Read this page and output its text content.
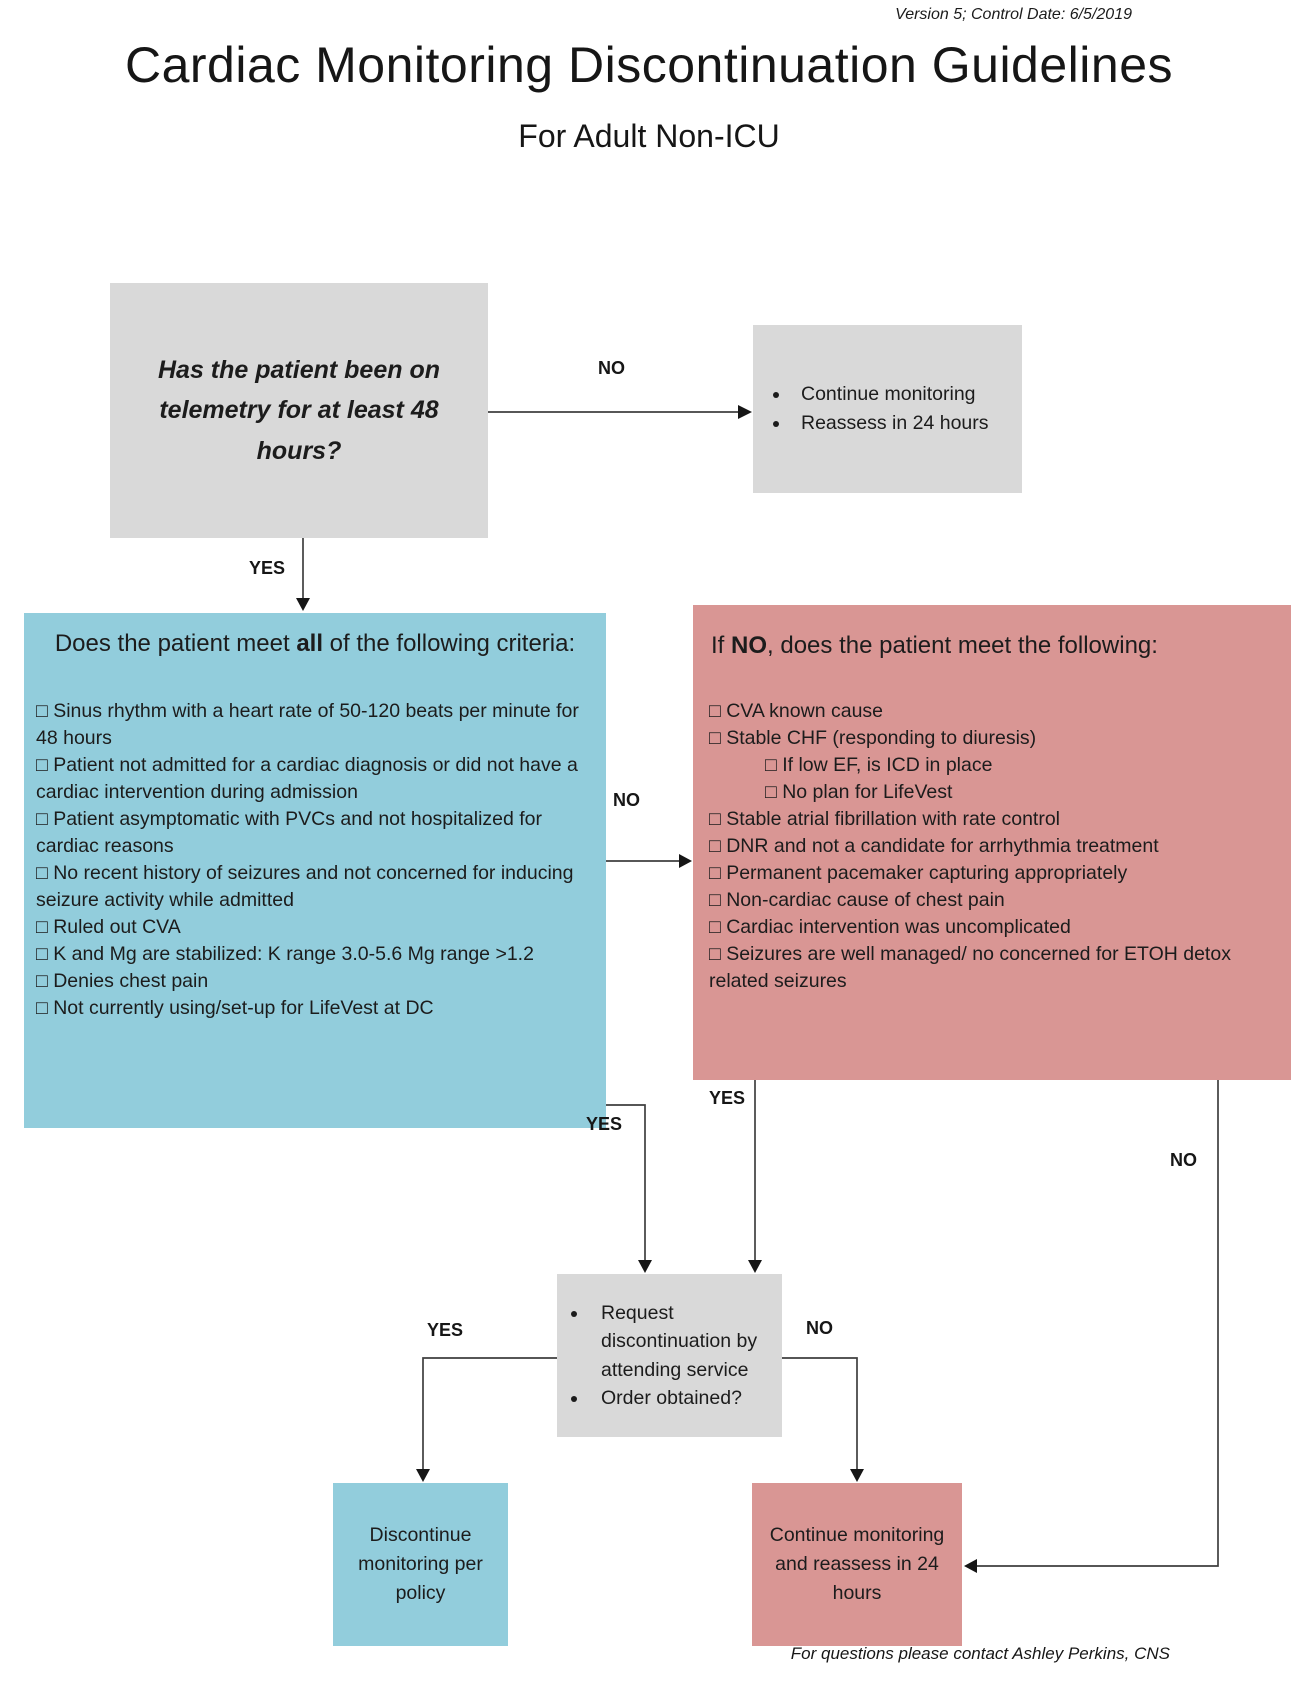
Version 5; Control Date: 6/5/2019
Cardiac Monitoring Discontinuation Guidelines
For Adult Non-ICU
Has the patient been on telemetry for at least 48 hours?
• Continue monitoring
• Reassess in 24 hours
Does the patient meet all of the following criteria:
□ Sinus rhythm with a heart rate of 50-120 beats per minute for 48 hours
□ Patient not admitted for a cardiac diagnosis or did not have a cardiac intervention during admission
□ Patient asymptomatic with PVCs and not hospitalized for cardiac reasons
□ No recent history of seizures and not concerned for inducing seizure activity while admitted
□ Ruled out CVA
□ K and Mg are stabilized: K range 3.0-5.6 Mg range >1.2
□ Denies chest pain
□ Not currently using/set-up for LifeVest at DC
If NO, does the patient meet the following:
□ CVA known cause
□ Stable CHF (responding to diuresis)
□ If low EF, is ICD in place
□ No plan for LifeVest
□ Stable atrial fibrillation with rate control
□ DNR and not a candidate for arrhythmia treatment
□ Permanent pacemaker capturing appropriately
□ Non-cardiac cause of chest pain
□ Cardiac intervention was uncomplicated
□ Seizures are well managed/ no concerned for ETOH detox related seizures
• Request discontinuation by attending service
• Order obtained?
Discontinue monitoring per policy
Continue monitoring and reassess in 24 hours
NO
YES
NO
YES
YES
NO
YES	NO
For questions please contact Ashley Perkins, CNS
